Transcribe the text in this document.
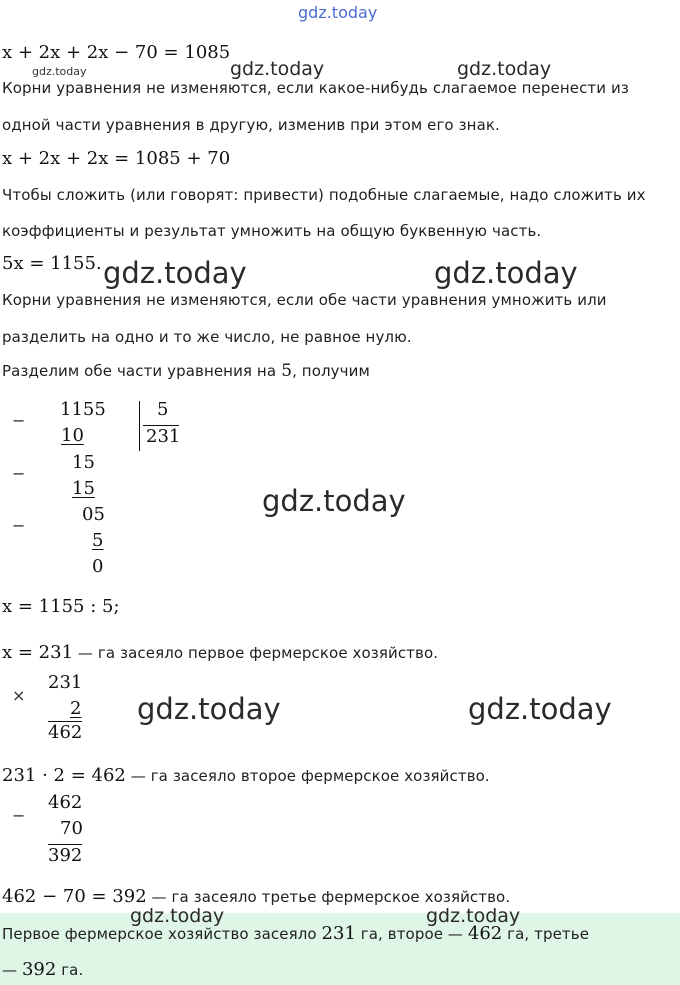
gdz.today
x + 2x + 2x − 70 = 1085
gdz.today	gdz.today	gdz.today
Корни уравнения не изменяются, если какое-нибудь слагаемое перенести из
одной части уравнения в другую, изменив при этом его знак.
x + 2x + 2x = 1085 + 70
Чтобы сложить (или говорят: привести) подобные слагаемые, надо сложить их
коэффициенты и результат умножить на общую буквенную часть.
5x = 1155. gdz.today	gdz.today
Корни уравнения не изменяются, если обе части уравнения умножить или
разделить на одно и то же число, не равное нулю.
Разделим обе части уравнения на 5, получим
−
−
−
1155
10
15
15
05
5
0
5
231
gdz.today
x = 1155 : 5;
x = 231 — га засеяло первое фермерское хозяйство.
×
231
2
462
gdz.today	gdz.today
231 · 2 = 462 — га засеяло второе фермерское хозяйство.
−
462
70
392
462 − 70 = 392 — га засеяло третье фермерское хозяйство.
gdz.today	gdz.today
Первое фермерское хозяйство засеяло 231 га, второе — 462 га, третье
— 392 га.
